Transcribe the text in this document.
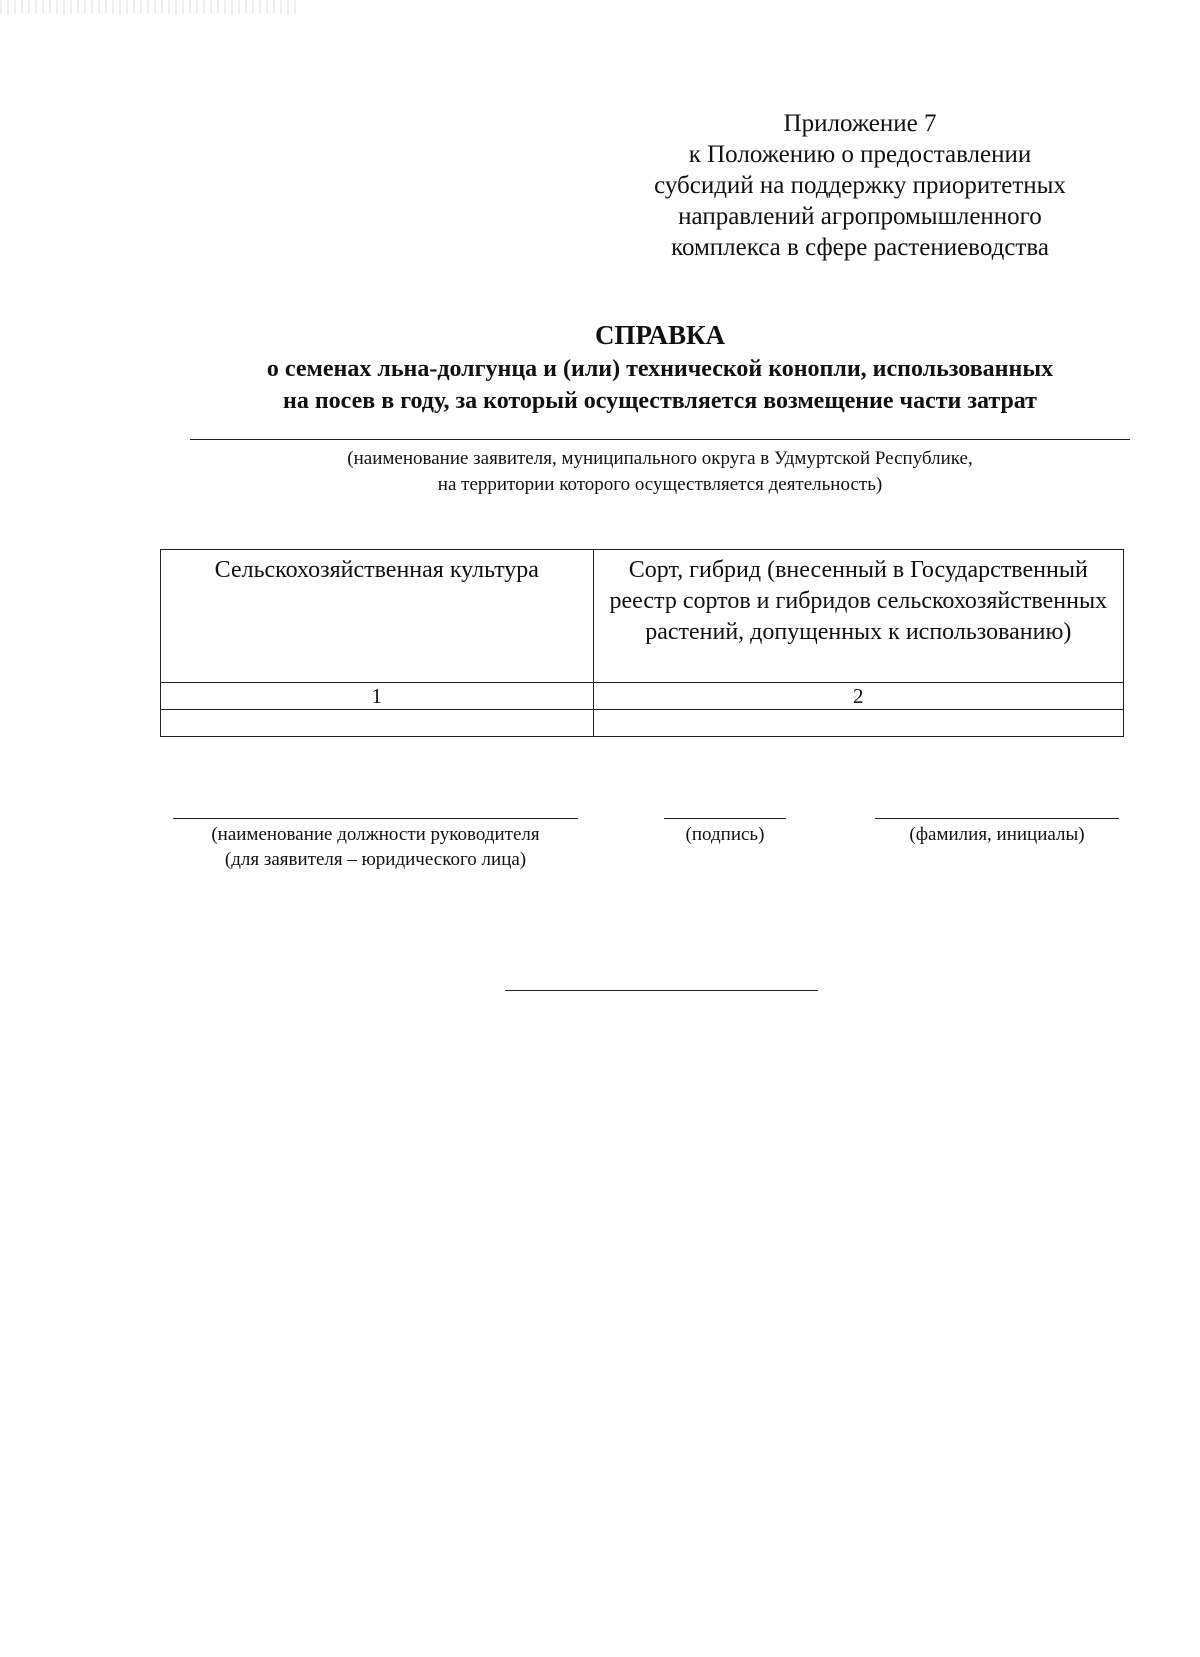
Приложение 7
к Положению о предоставлении
субсидий на поддержку приоритетных
направлений агропромышленного
комплекса в сфере растениеводства
СПРАВКА
о семенах льна-долгунца и (или) технической конопли, использованных
на посев в году, за который осуществляется возмещение части затрат
(наименование заявителя, муниципального округа в Удмуртской Республике,
на территории которого осуществляется деятельность)
Сельскохозяйственная культура	Сорт, гибрид (внесенный в Государственный реестр сортов и гибридов сельскохозяйственных растений, допущенных к использованию)
1	2

(наименование должности руководителя
(для заявителя – юридического лица)
(подпись)	(фамилия, инициалы)
